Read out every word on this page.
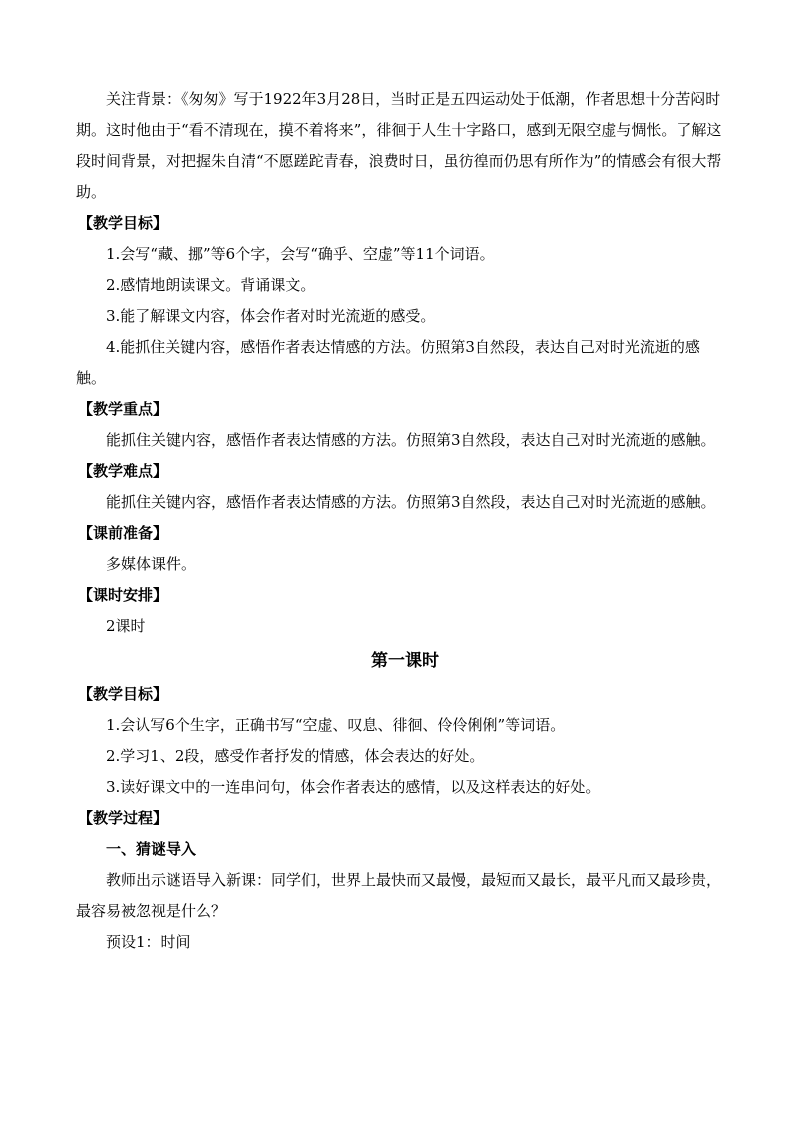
关注背景：《匆匆》写于1922年3月28日，当时正是五四运动处于低潮，作者思想十分苦闷时期。这时他由于“看不清现在，摸不着将来”，徘徊于人生十字路口，感到无限空虚与惆怅。了解这段时间背景，对把握朱自清“不愿蹉跎青春，浪费时日，虽彷徨而仍思有所作为”的情感会有很大帮助。

【教学目标】

1.会写“藏、挪”等6个字，会写“确乎、空虚”等11个词语。

2.感情地朗读课文。背诵课文。

3.能了解课文内容，体会作者对时光流逝的感受。

4.能抓住关键内容，感悟作者表达情感的方法。仿照第3自然段，表达自己对时光流逝的感触。

【教学重点】

能抓住关键内容，感悟作者表达情感的方法。仿照第3自然段，表达自己对时光流逝的感触。

【教学难点】

能抓住关键内容，感悟作者表达情感的方法。仿照第3自然段，表达自己对时光流逝的感触。

【课前准备】

多媒体课件。

【课时安排】

2课时

第一课时

【教学目标】

1.会认写6个生字，正确书写“空虚、叹息、徘徊、伶伶俐俐”等词语。

2.学习1、2段，感受作者抒发的情感，体会表达的好处。

3.读好课文中的一连串问句，体会作者表达的感情，以及这样表达的好处。

【教学过程】

一、猜谜导入

教师出示谜语导入新课：同学们，世界上最快而又最慢，最短而又最长，最平凡而又最珍贵，最容易被忽视是什么？

预设1：时间
